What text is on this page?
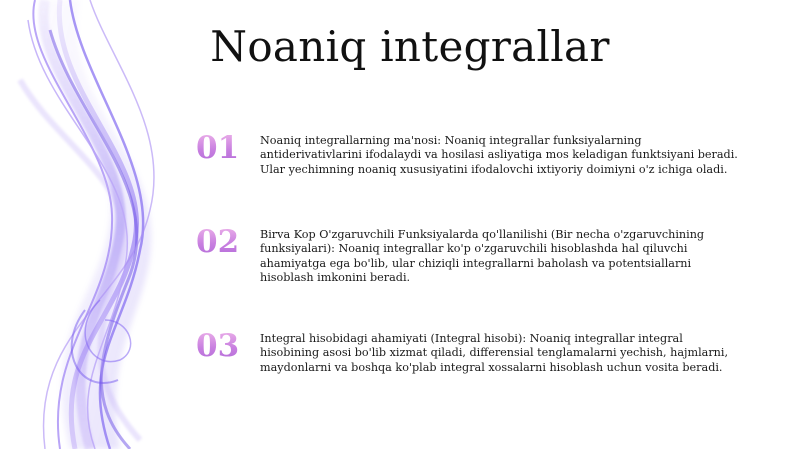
Noaniq integrallar
01	Noaniq integrallarning ma'nosi: Noaniq integrallar funksiyalarning antiderivativlarini ifodalaydi va hosilasi asliyatiga mos keladigan funktsiyani beradi. Ular yechimning noaniq xususiyatini ifodalovchi ixtiyoriy doimiyni o'z ichiga oladi.

02	Birva Kop O'zgaruvchili Funksiyalarda qo'llanilishi (Bir necha o'zgaruvchining funksiyalari): Noaniq integrallar ko'p o'zgaruvchili hisoblashda hal qiluvchi ahamiyatga ega bo'lib, ular chiziqli integrallarni baholash va potentsiallarni hisoblash imkonini beradi.

03	Integral hisobidagi ahamiyati (Integral hisobi): Noaniq integrallar integral hisobining asosi bo'lib xizmat qiladi, differensial tenglamalarni yechish, hajmlarni, maydonlarni va boshqa ko'plab integral xossalarni hisoblash uchun vosita beradi.
